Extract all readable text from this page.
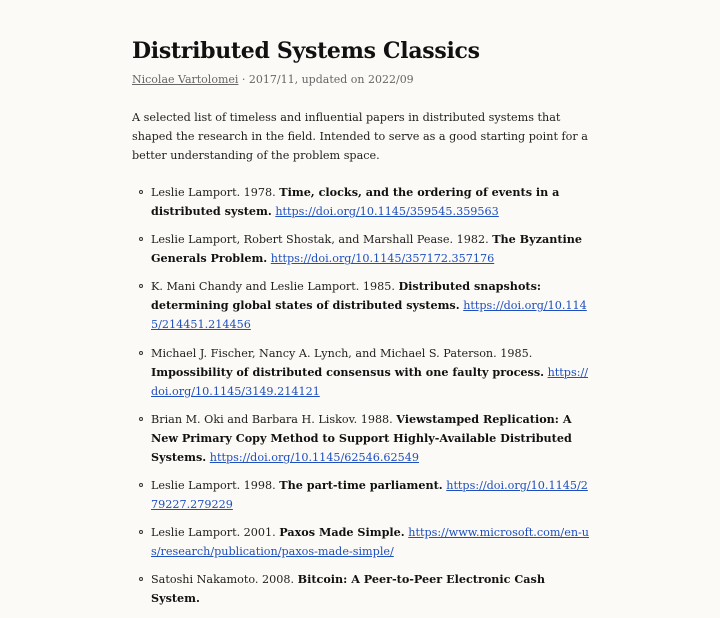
Distributed Systems Classics
Nicolae Vartolomei · 2017/11, updated on 2022/09

A selected list of timeless and influential papers in distributed systems that shaped the research in the field. Intended to serve as a good starting point for a better understanding of the problem space.

Leslie Lamport. 1978. Time, clocks, and the ordering of events in a distributed system. https://doi.org/10.1145/359545.359563
Leslie Lamport, Robert Shostak, and Marshall Pease. 1982. The Byzantine Generals Problem. https://doi.org/10.1145/357172.357176
K. Mani Chandy and Leslie Lamport. 1985. Distributed snapshots: determining global states of distributed systems. https://doi.org/10.1145/214451.214456
Michael J. Fischer, Nancy A. Lynch, and Michael S. Paterson. 1985. Impossibility of distributed consensus with one faulty process. https://doi.org/10.1145/3149.214121
Brian M. Oki and Barbara H. Liskov. 1988. Viewstamped Replication: A New Primary Copy Method to Support Highly-Available Distributed Systems. https://doi.org/10.1145/62546.62549
Leslie Lamport. 1998. The part-time parliament. https://doi.org/10.1145/279227.279229
Leslie Lamport. 2001. Paxos Made Simple. https://www.microsoft.com/en-us/research/publication/paxos-made-simple/
Satoshi Nakamoto. 2008. Bitcoin: A Peer-to-Peer Electronic Cash System.
